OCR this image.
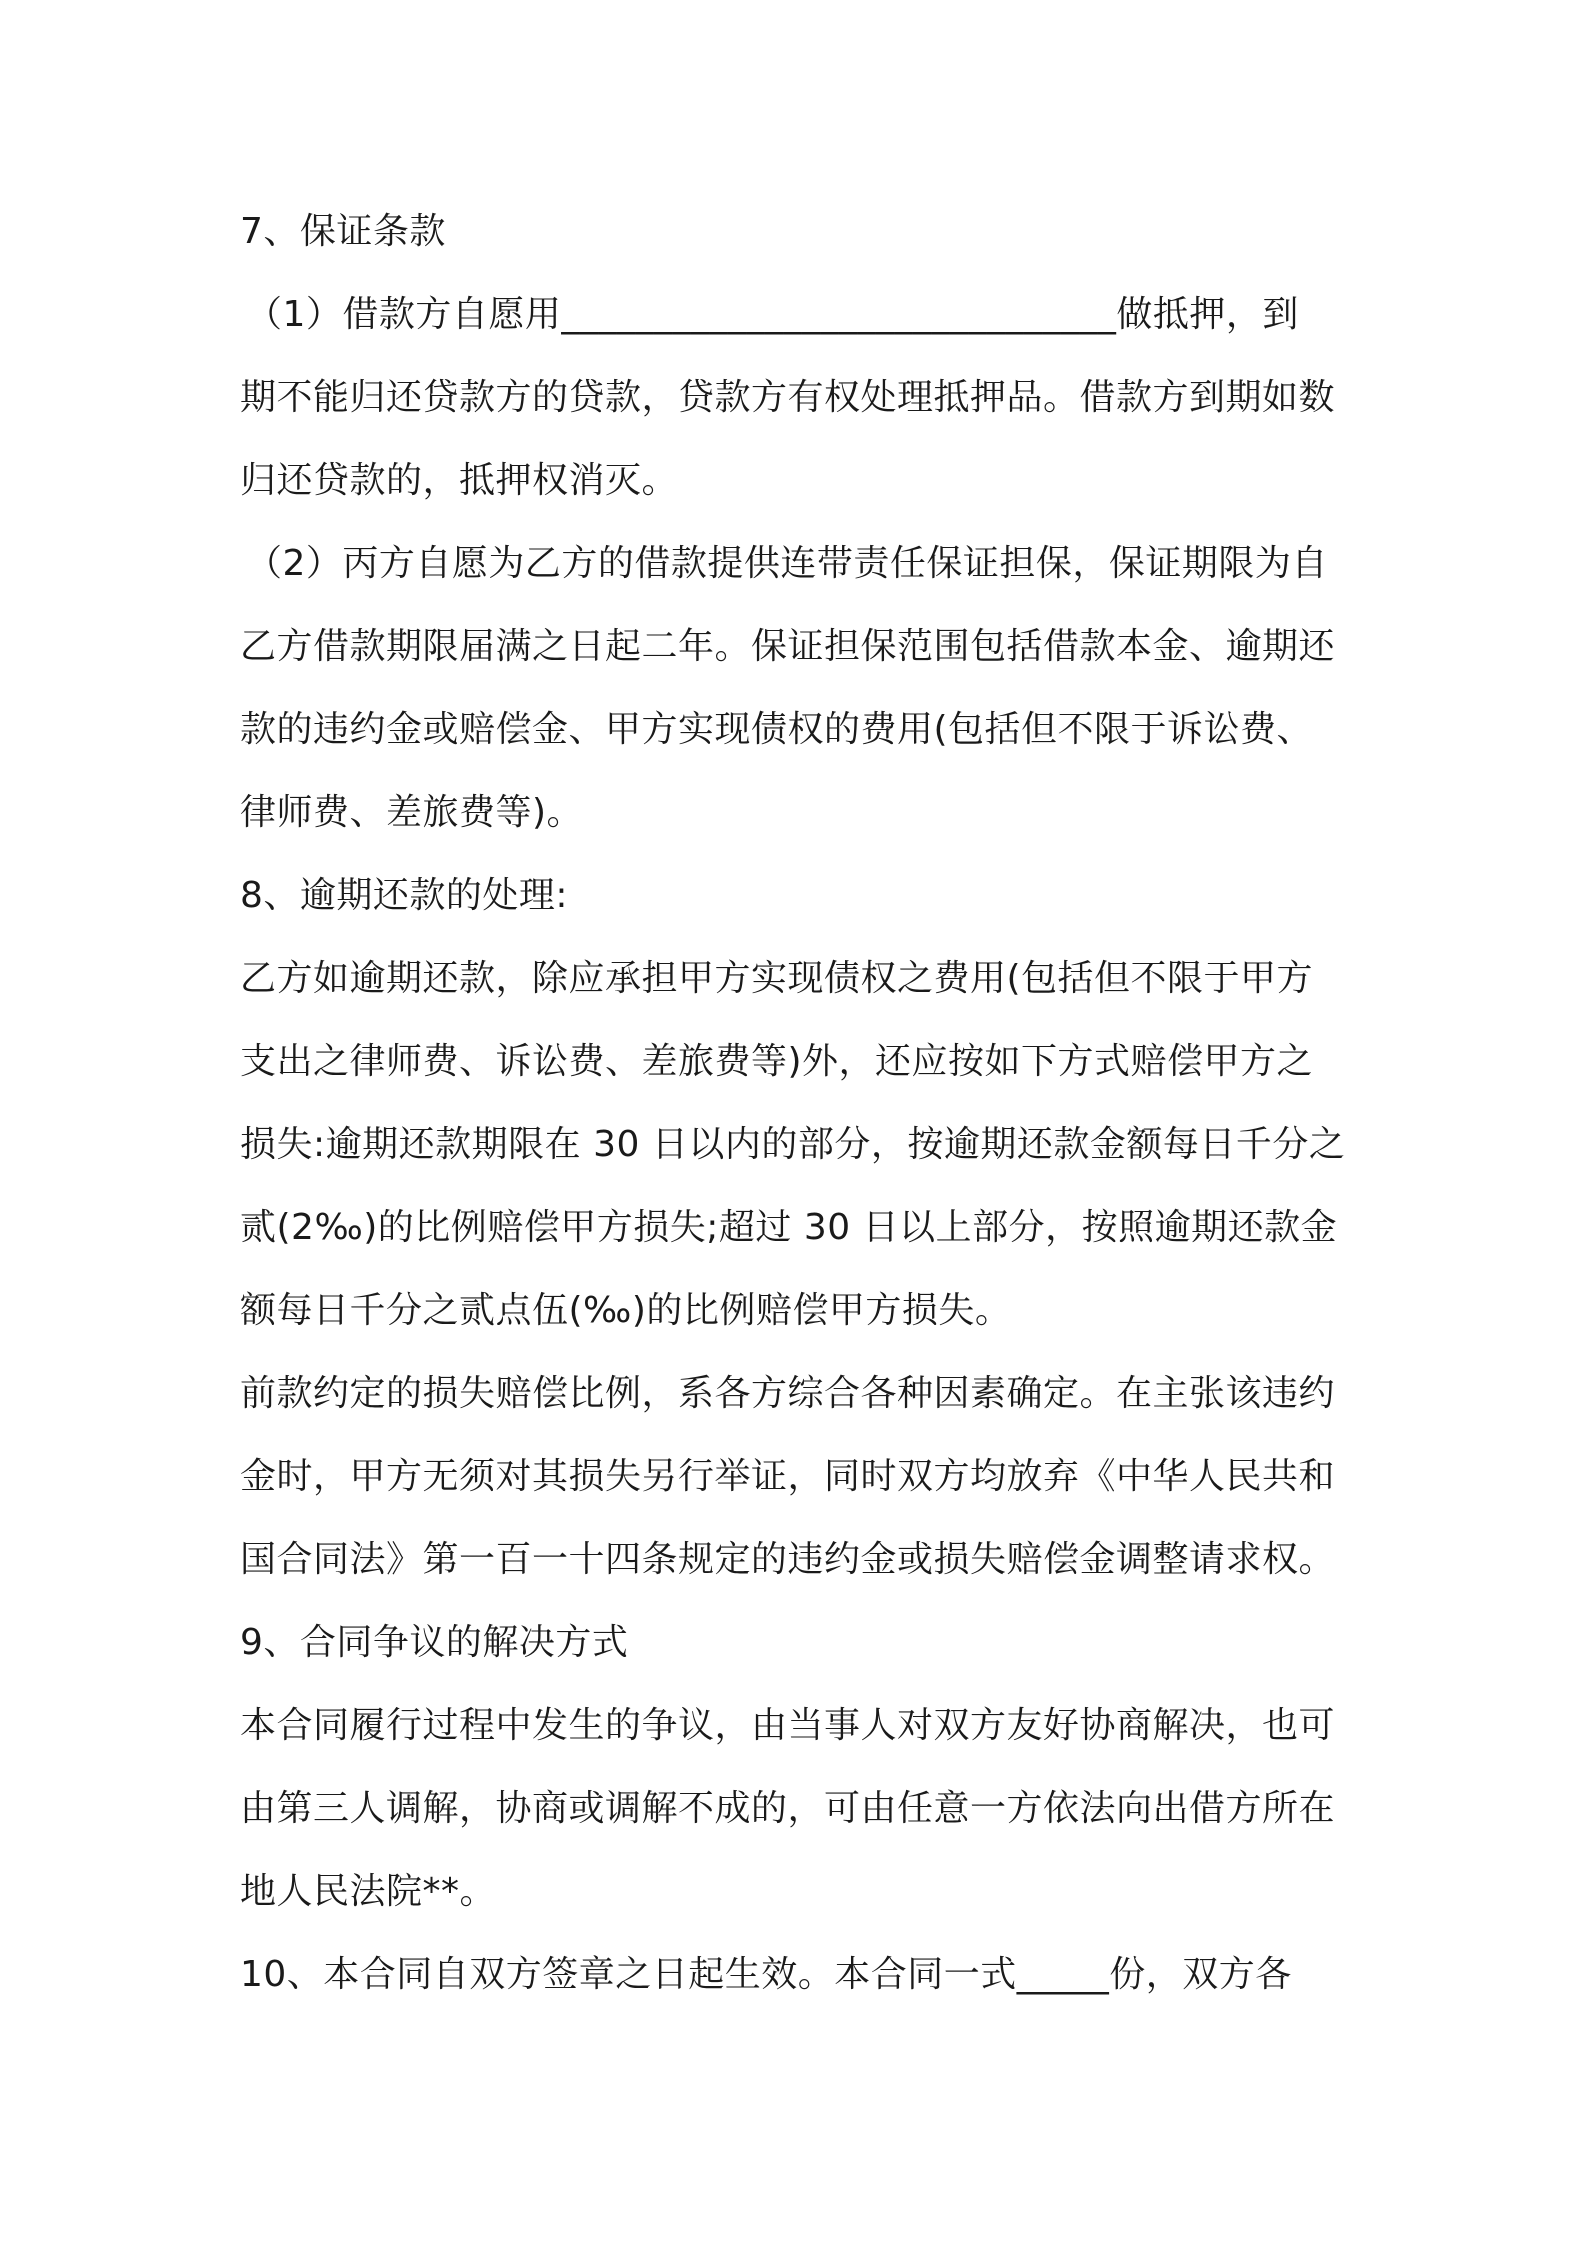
7、保证条款
（1）借款方自愿用______________________________做抵押，到
期不能归还贷款方的贷款，贷款方有权处理抵押品。借款方到期如数
归还贷款的，抵押权消灭。
（2）丙方自愿为乙方的借款提供连带责任保证担保，保证期限为自
乙方借款期限届满之日起二年。保证担保范围包括借款本金、逾期还
款的违约金或赔偿金、甲方实现债权的费用(包括但不限于诉讼费、
律师费、差旅费等)。
8、逾期还款的处理:
乙方如逾期还款，除应承担甲方实现债权之费用(包括但不限于甲方
支出之律师费、诉讼费、差旅费等)外，还应按如下方式赔偿甲方之
损失:逾期还款期限在 30 日以内的部分，按逾期还款金额每日千分之
贰(2‰)的比例赔偿甲方损失;超过 30 日以上部分，按照逾期还款金
额每日千分之贰点伍(‰)的比例赔偿甲方损失。
前款约定的损失赔偿比例，系各方综合各种因素确定。在主张该违约
金时，甲方无须对其损失另行举证，同时双方均放弃《中华人民共和
国合同法》第一百一十四条规定的违约金或损失赔偿金调整请求权。
9、合同争议的解决方式
本合同履行过程中发生的争议，由当事人对双方友好协商解决，也可
由第三人调解，协商或调解不成的，可由任意一方依法向出借方所在
地人民法院**。
10、本合同自双方签章之日起生效。本合同一式_____份，双方各
